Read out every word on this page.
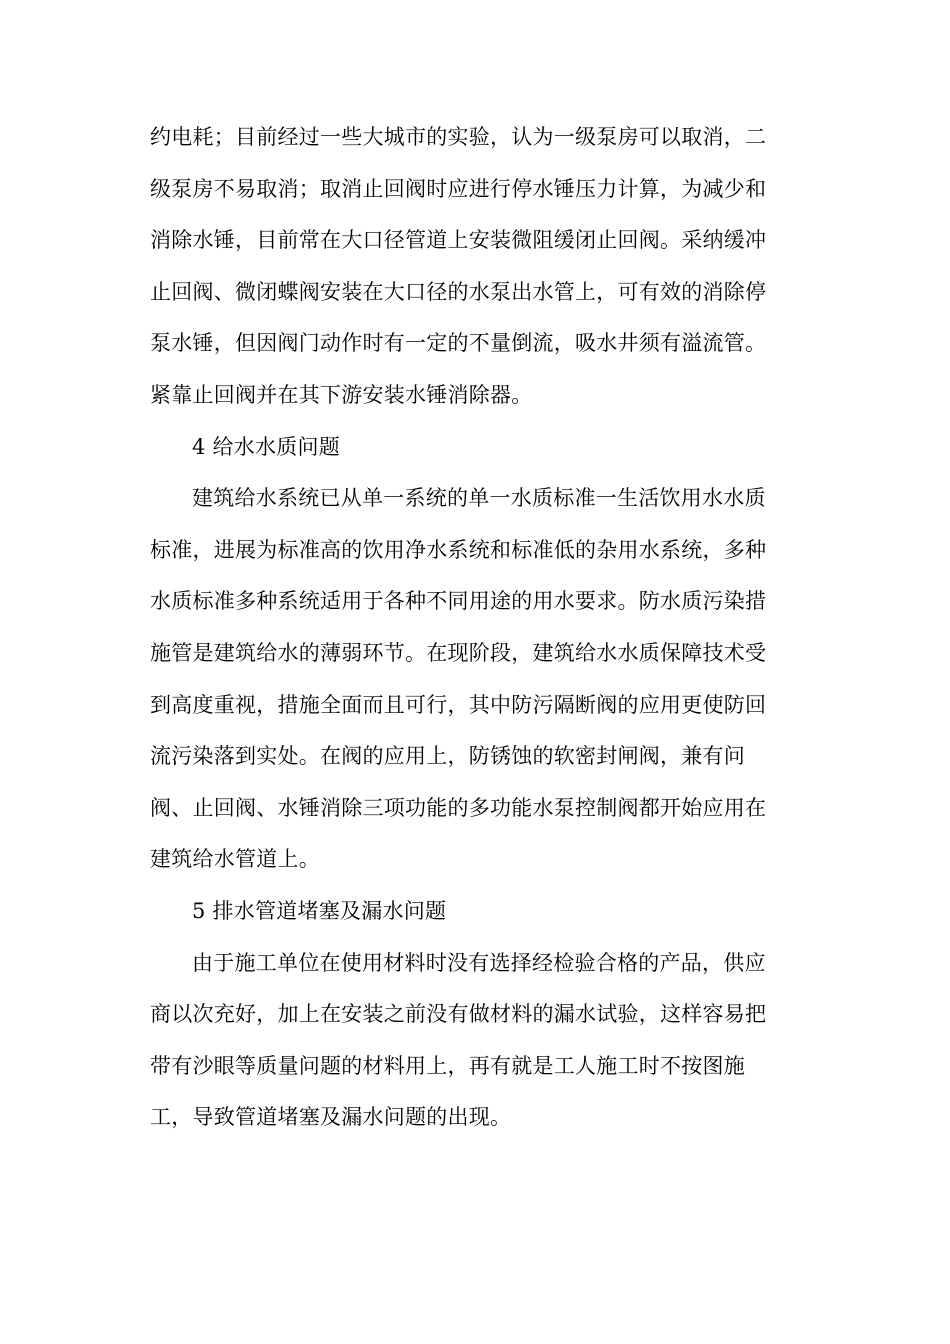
约电耗；目前经过一些大城市的实验，认为一级泵房可以取消，二
级泵房不易取消；取消止回阀时应进行停水锤压力计算，为减少和
消除水锤，目前常在大口径管道上安装微阻缓闭止回阀。采纳缓冲
止回阀、微闭蝶阀安装在大口径的水泵出水管上，可有效的消除停
泵水锤，但因阀门动作时有一定的不量倒流，吸水井须有溢流管。
紧靠止回阀并在其下游安装水锤消除器。
4 给水水质问题
建筑给水系统已从单一系统的单一水质标准一生活饮用水水质
标准，进展为标准高的饮用净水系统和标准低的杂用水系统，多种
水质标准多种系统适用于各种不同用途的用水要求。防水质污染措
施管是建筑给水的薄弱环节。在现阶段，建筑给水水质保障技术受
到高度重视，措施全面而且可行，其中防污隔断阀的应用更使防回
流污染落到实处。在阀的应用上，防锈蚀的软密封闸阀，兼有问
阀、止回阀、水锤消除三项功能的多功能水泵控制阀都开始应用在
建筑给水管道上。
5 排水管道堵塞及漏水问题
由于施工单位在使用材料时没有选择经检验合格的产品，供应
商以次充好，加上在安装之前没有做材料的漏水试验，这样容易把
带有沙眼等质量问题的材料用上，再有就是工人施工时不按图施
工，导致管道堵塞及漏水问题的出现。
